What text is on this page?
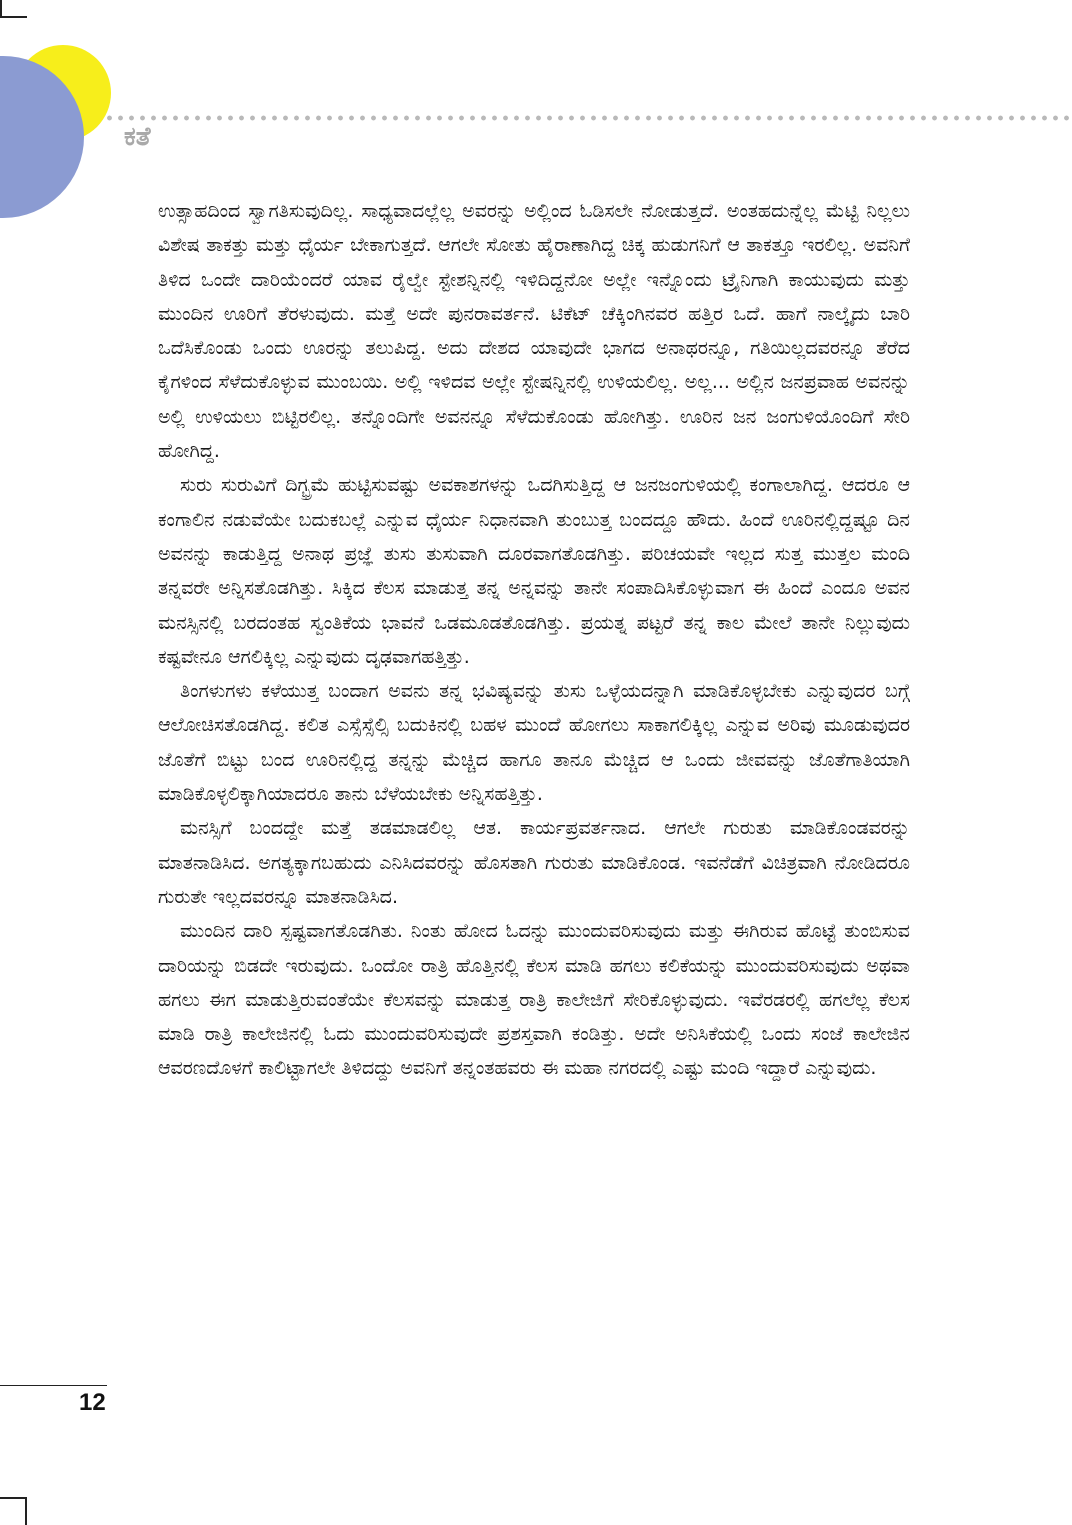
ಕತೆ

ಉತ್ಸಾಹದಿಂದ ಸ್ವಾಗತಿಸುವುದಿಲ್ಲ. ಸಾಧ್ಯವಾದಲ್ಲೆಲ್ಲ ಅವರನ್ನು ಅಲ್ಲಿಂದ ಓಡಿಸಲೇ ನೋಡುತ್ತದೆ. ಅಂತಹದುನ್ನೆಲ್ಲ ಮೆಟ್ಟಿ ನಿಲ್ಲಲು ವಿಶೇಷ ತಾಕತ್ತು ಮತ್ತು ಧೈರ್ಯ ಬೇಕಾಗುತ್ತದೆ. ಆಗಲೇ ಸೋತು ಹೈರಾಣಾಗಿದ್ದ ಚಿಕ್ಕ ಹುಡುಗನಿಗೆ ಆ ತಾಕತ್ತೂ ಇರಲಿಲ್ಲ. ಅವನಿಗೆ ತಿಳಿದ ಒಂದೇ ದಾರಿಯೆಂದರೆ ಯಾವ ರೈಲ್ವೇ ಸ್ಟೇಶನ್ನಿನಲ್ಲಿ ಇಳಿದಿದ್ದನೋ ಅಲ್ಲೇ ಇನ್ನೊಂದು ಟ್ರೈನಿಗಾಗಿ ಕಾಯುವುದು ಮತ್ತು ಮುಂದಿನ ಊರಿಗೆ ತೆರಳುವುದು. ಮತ್ತೆ ಅದೇ ಪುನರಾವರ್ತನೆ. ಟಿಕೆಟ್ ಚೆಕ್ಕಿಂಗಿನವರ ಹತ್ತಿರ ಒದೆ. ಹಾಗೆ ನಾಲ್ಕೈದು ಬಾರಿ ಒದೆಸಿಕೊಂಡು ಒಂದು ಊರನ್ನು ತಲುಪಿದ್ದ. ಅದು ದೇಶದ ಯಾವುದೇ ಭಾಗದ ಅನಾಥರನ್ನೂ, ಗತಿಯಿಲ್ಲದವರನ್ನೂ ತೆರೆದ ಕೈಗಳಿಂದ ಸೆಳೆದುಕೊಳ್ಳುವ ಮುಂಬಯಿ. ಅಲ್ಲಿ ಇಳಿದವ ಅಲ್ಲೇ ಸ್ಟೇಷನ್ನಿನಲ್ಲಿ ಉಳಿಯಲಿಲ್ಲ. ಅಲ್ಲ... ಅಲ್ಲಿನ ಜನಪ್ರವಾಹ ಅವನನ್ನು ಅಲ್ಲಿ ಉಳಿಯಲು ಬಿಟ್ಟಿರಲಿಲ್ಲ. ತನ್ನೊಂದಿಗೇ ಅವನನ್ನೂ ಸೆಳೆದುಕೊಂಡು ಹೋಗಿತ್ತು. ಊರಿನ ಜನ ಜಂಗುಳಿಯೊಂದಿಗೆ ಸೇರಿ ಹೋಗಿದ್ದ.

ಸುರು ಸುರುವಿಗೆ ದಿಗ್ಭ್ರಮೆ ಹುಟ್ಟಿಸುವಷ್ಟು ಅವಕಾಶಗಳನ್ನು ಒದಗಿಸುತ್ತಿದ್ದ ಆ ಜನಜಂಗುಳಿಯಲ್ಲಿ ಕಂಗಾಲಾಗಿದ್ದ. ಆದರೂ ಆ ಕಂಗಾಲಿನ ನಡುವೆಯೇ ಬದುಕಬಲ್ಲೆ ಎನ್ನುವ ಧೈರ್ಯ ನಿಧಾನವಾಗಿ ತುಂಬುತ್ತ ಬಂದದ್ದೂ ಹೌದು. ಹಿಂದೆ ಊರಿನಲ್ಲಿದ್ದಷ್ಟೂ ದಿನ ಅವನನ್ನು ಕಾಡುತ್ತಿದ್ದ ಅನಾಥ ಪ್ರಜ್ಞೆ ತುಸು ತುಸುವಾಗಿ ದೂರವಾಗತೊಡಗಿತ್ತು. ಪರಿಚಯವೇ ಇಲ್ಲದ ಸುತ್ತ ಮುತ್ತಲ ಮಂದಿ ತನ್ನವರೇ ಅನ್ನಿಸತೊಡಗಿತ್ತು. ಸಿಕ್ಕಿದ ಕೆಲಸ ಮಾಡುತ್ತ ತನ್ನ ಅನ್ನವನ್ನು ತಾನೇ ಸಂಪಾದಿಸಿಕೊಳ್ಳುವಾಗ ಈ ಹಿಂದೆ ಎಂದೂ ಅವನ ಮನಸ್ಸಿನಲ್ಲಿ ಬರದಂತಹ ಸ್ವಂತಿಕೆಯ ಭಾವನೆ ಒಡಮೂಡತೊಡಗಿತ್ತು. ಪ್ರಯತ್ನ ಪಟ್ಟರೆ ತನ್ನ ಕಾಲ ಮೇಲೆ ತಾನೇ ನಿಲ್ಲುವುದು ಕಷ್ಟವೇನೂ ಆಗಲಿಕ್ಕಿಲ್ಲ ಎನ್ನುವುದು ದೃಢವಾಗಹತ್ತಿತ್ತು.

ತಿಂಗಳುಗಳು ಕಳೆಯುತ್ತ ಬಂದಾಗ ಅವನು ತನ್ನ ಭವಿಷ್ಯವನ್ನು ತುಸು ಒಳ್ಳೆಯದನ್ನಾಗಿ ಮಾಡಿಕೊಳ್ಳಬೇಕು ಎನ್ನುವುದರ ಬಗ್ಗೆ ಆಲೋಚಿಸತೊಡಗಿದ್ದ. ಕಲಿತ ಎಸ್ಸೆಸ್ಸೆಲ್ಸಿ ಬದುಕಿನಲ್ಲಿ ಬಹಳ ಮುಂದೆ ಹೋಗಲು ಸಾಕಾಗಲಿಕ್ಕಿಲ್ಲ ಎನ್ನುವ ಅರಿವು ಮೂಡುವುದರ ಜೊತೆಗೆ ಬಿಟ್ಟು ಬಂದ ಊರಿನಲ್ಲಿದ್ದ ತನ್ನನ್ನು ಮೆಚ್ಚಿದ ಹಾಗೂ ತಾನೂ ಮೆಚ್ಚಿದ ಆ ಒಂದು ಜೀವವನ್ನು ಜೊತೆಗಾತಿಯಾಗಿ ಮಾಡಿಕೊಳ್ಳಲಿಕ್ಕಾಗಿಯಾದರೂ ತಾನು ಬೆಳೆಯಬೇಕು ಅನ್ನಿಸಹತ್ತಿತ್ತು.

ಮನಸ್ಸಿಗೆ ಬಂದದ್ದೇ ಮತ್ತೆ ತಡಮಾಡಲಿಲ್ಲ ಆತ. ಕಾರ್ಯಪ್ರವರ್ತನಾದ. ಆಗಲೇ ಗುರುತು ಮಾಡಿಕೊಂಡವರನ್ನು ಮಾತನಾಡಿಸಿದ. ಅಗತ್ಯಕ್ಕಾಗಬಹುದು ಎನಿಸಿದವರನ್ನು ಹೊಸತಾಗಿ ಗುರುತು ಮಾಡಿಕೊಂಡ. ಇವನೆಡೆಗೆ ವಿಚಿತ್ರವಾಗಿ ನೋಡಿದರೂ ಗುರುತೇ ಇಲ್ಲದವರನ್ನೂ ಮಾತನಾಡಿಸಿದ.

ಮುಂದಿನ ದಾರಿ ಸ್ಪಷ್ಟವಾಗತೊಡಗಿತು. ನಿಂತು ಹೋದ ಓದನ್ನು ಮುಂದುವರಿಸುವುದು ಮತ್ತು ಈಗಿರುವ ಹೊಟ್ಟೆ ತುಂಬಿಸುವ ದಾರಿಯನ್ನು ಬಿಡದೇ ಇರುವುದು. ಒಂದೋ ರಾತ್ರಿ ಹೊತ್ತಿನಲ್ಲಿ ಕೆಲಸ ಮಾಡಿ ಹಗಲು ಕಲಿಕೆಯನ್ನು ಮುಂದುವರಿಸುವುದು ಅಥವಾ ಹಗಲು ಈಗ ಮಾಡುತ್ತಿರುವಂತೆಯೇ ಕೆಲಸವನ್ನು ಮಾಡುತ್ತ ರಾತ್ರಿ ಕಾಲೇಜಿಗೆ ಸೇರಿಕೊಳ್ಳುವುದು. ಇವೆರಡರಲ್ಲಿ ಹಗಲೆಲ್ಲ ಕೆಲಸ ಮಾಡಿ ರಾತ್ರಿ ಕಾಲೇಜಿನಲ್ಲಿ ಓದು ಮುಂದುವರಿಸುವುದೇ ಪ್ರಶಸ್ತವಾಗಿ ಕಂಡಿತ್ತು. ಅದೇ ಅನಿಸಿಕೆಯಲ್ಲಿ ಒಂದು ಸಂಜೆ ಕಾಲೇಜಿನ ಆವರಣದೊಳಗೆ ಕಾಲಿಟ್ಟಾಗಲೇ ತಿಳಿದದ್ದು ಅವನಿಗೆ ತನ್ನಂತಹವರು ಈ ಮಹಾ ನಗರದಲ್ಲಿ ಎಷ್ಟು ಮಂದಿ ಇದ್ದಾರೆ ಎನ್ನುವುದು.

12
